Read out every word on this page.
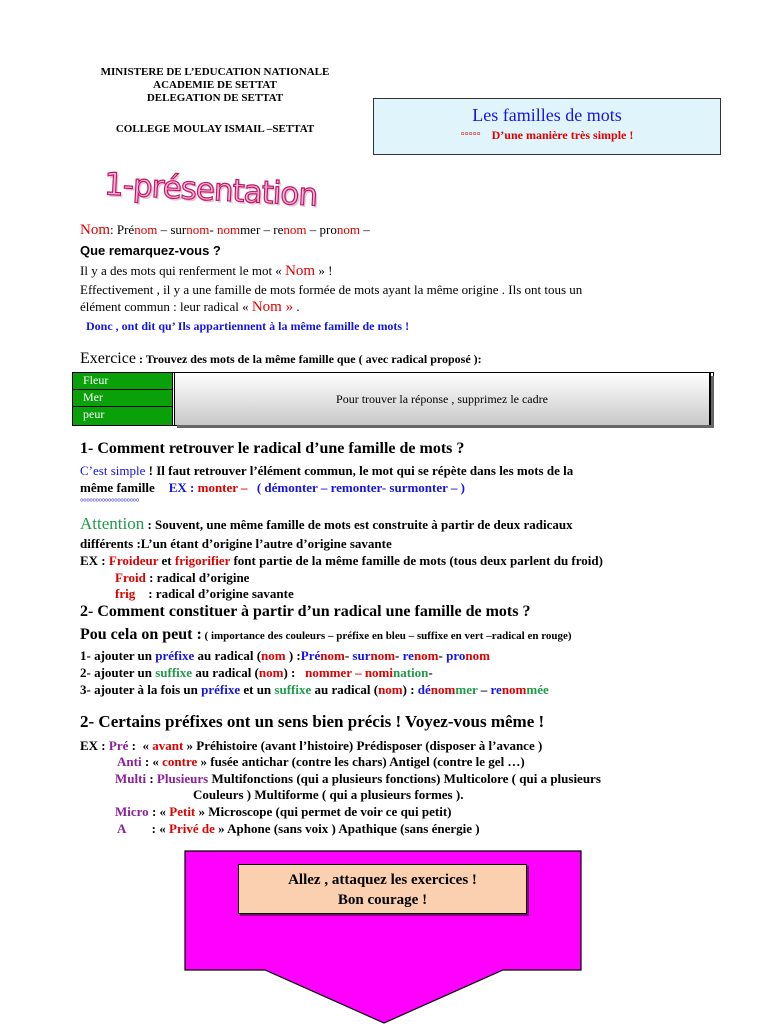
MINISTERE DE L’EDUCATION NATIONALE
ACADEMIE DE SETTAT
DELEGATION DE SETTAT
COLLEGE MOULAY ISMAIL –SETTAT
Les familles de mots
°°°°° D’une manière très simple !
1-présentation
Nom: Prénom – surnom- nommer – renom – pronom –
Que remarquez-vous ?
Il y a des mots qui renferment le mot « Nom » !
Effectivement , il y a une famille de mots formée de mots ayant la même origine . Ils ont tous un
élément commun : leur radical « Nom » .
Donc , ont dit qu’ Ils appartiennent à la même famille de mots !
Exercice : Trouvez des mots de la même famille que ( avec radical proposé ):
Fleur
Mer
peur
Pour trouver la réponse , supprimez le cadre
1- Comment retrouver le radical d’une famille de mots ?
C’est simple ! Il faut retrouver l’élément commun, le mot qui se répète dans les mots de la
même famille EX : monter – ( démonter – remonter- surmonter – )
°°°°°°°°°°°°°°°°°°°
Attention : Souvent, une même famille de mots est construite à partir de deux radicaux
différents :L’un étant d’origine l’autre d’origine savante
EX : Froideur et frigorifier font partie de la même famille de mots (tous deux parlent du froid)
Froid : radical d’origine
frig    : radical d’origine savante
2- Comment constituer à partir d’un radical une famille de mots ?
Pou cela on peut : ( importance des couleurs – préfixe en bleu – suffixe en vert –radical en rouge)
1- ajouter un préfixe au radical (nom ) :Prénom- surnom- renom- pronom
2- ajouter un suffixe au radical (nom) :   nommer – nomination-
3- ajouter à la fois un préfixe et un suffixe au radical (nom) : dénommer – renommée
2- Certains préfixes ont un sens bien précis ! Voyez-vous même !
EX : Pré :  « avant » Préhistoire (avant l’histoire) Prédisposer (disposer à l’avance )
Anti : « contre » fusée antichar (contre les chars) Antigel (contre le gel …)
Multi : Plusieurs Multifonctions (qui a plusieurs fonctions) Multicolore ( qui a plusieurs
Couleurs ) Multiforme ( qui a plusieurs formes ).
Micro : « Petit » Microscope (qui permet de voir ce qui petit)
A        : « Privé de » Aphone (sans voix ) Apathique (sans énergie )
Allez , attaquez les exercices !
Bon courage !
